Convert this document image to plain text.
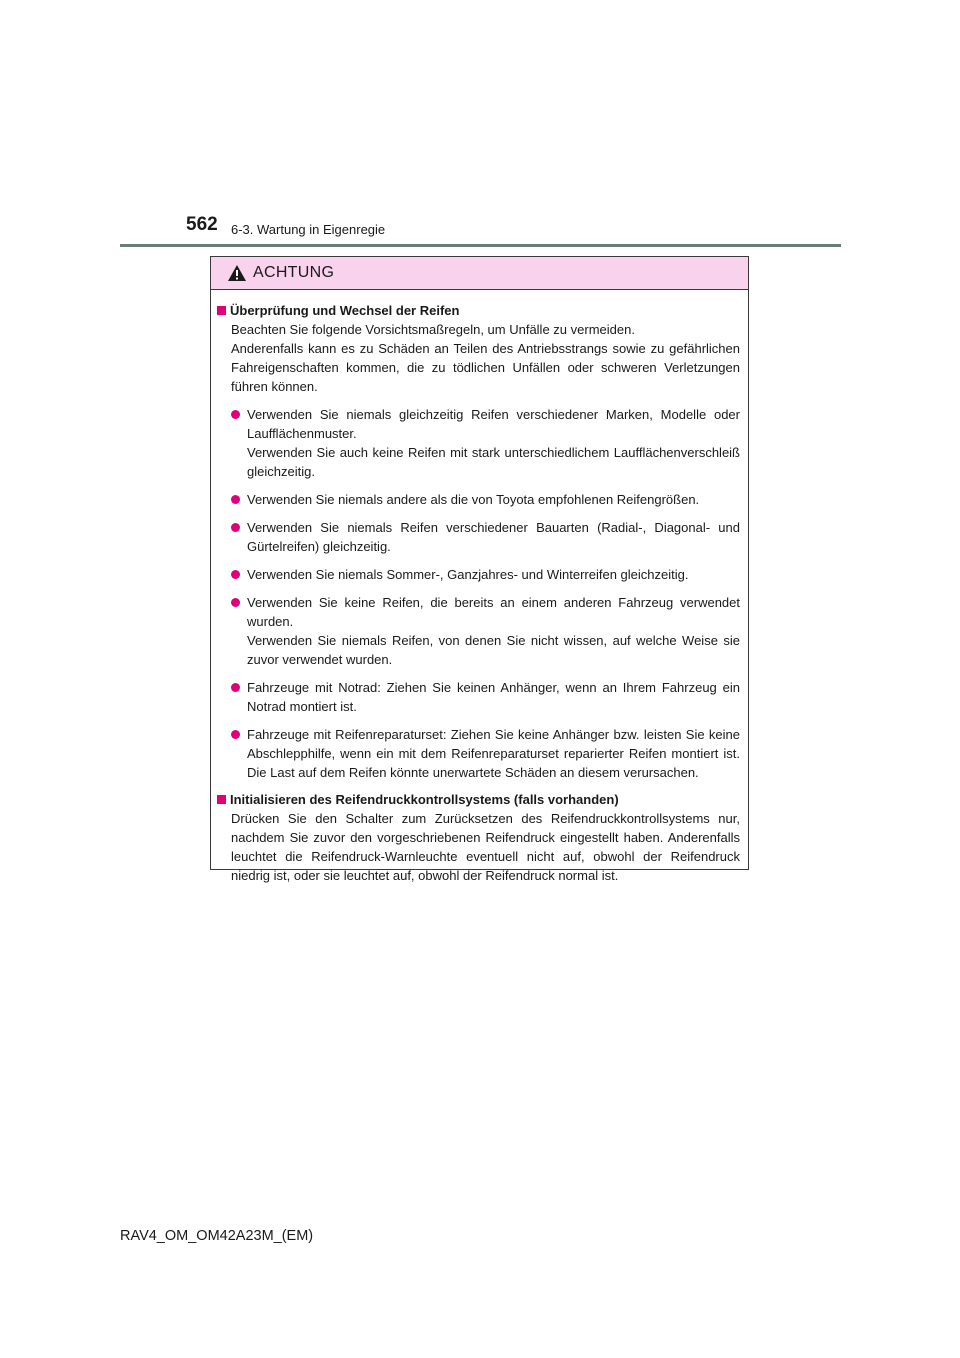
562 6-3. Wartung in Eigenregie
ACHTUNG
Überprüfung und Wechsel der Reifen
Beachten Sie folgende Vorsichtsmaßregeln, um Unfälle zu vermeiden.
Anderenfalls kann es zu Schäden an Teilen des Antriebsstrangs sowie zu gefährlichen Fahreigenschaften kommen, die zu tödlichen Unfällen oder schweren Verletzungen führen können.
Verwenden Sie niemals gleichzeitig Reifen verschiedener Marken, Modelle oder Laufflächenmuster.
Verwenden Sie auch keine Reifen mit stark unterschiedlichem Laufflächenverschleiß gleichzeitig.
Verwenden Sie niemals andere als die von Toyota empfohlenen Reifengrößen.
Verwenden Sie niemals Reifen verschiedener Bauarten (Radial-, Diagonal- und Gürtelreifen) gleichzeitig.
Verwenden Sie niemals Sommer-, Ganzjahres- und Winterreifen gleichzeitig.
Verwenden Sie keine Reifen, die bereits an einem anderen Fahrzeug verwendet wurden.
Verwenden Sie niemals Reifen, von denen Sie nicht wissen, auf welche Weise sie zuvor verwendet wurden.
Fahrzeuge mit Notrad: Ziehen Sie keinen Anhänger, wenn an Ihrem Fahrzeug ein Notrad montiert ist.
Fahrzeuge mit Reifenreparaturset: Ziehen Sie keine Anhänger bzw. leisten Sie keine Abschlepphilfe, wenn ein mit dem Reifenreparaturset reparierter Reifen montiert ist. Die Last auf dem Reifen könnte unerwartete Schäden an diesem verursachen.
Initialisieren des Reifendruckkontrollsystems (falls vorhanden)
Drücken Sie den Schalter zum Zurücksetzen des Reifendruckkontrollsystems nur, nachdem Sie zuvor den vorgeschriebenen Reifendruck eingestellt haben. Anderenfalls leuchtet die Reifendruck-Warnleuchte eventuell nicht auf, obwohl der Reifendruck niedrig ist, oder sie leuchtet auf, obwohl der Reifendruck normal ist.
RAV4_OM_OM42A23M_(EM)
